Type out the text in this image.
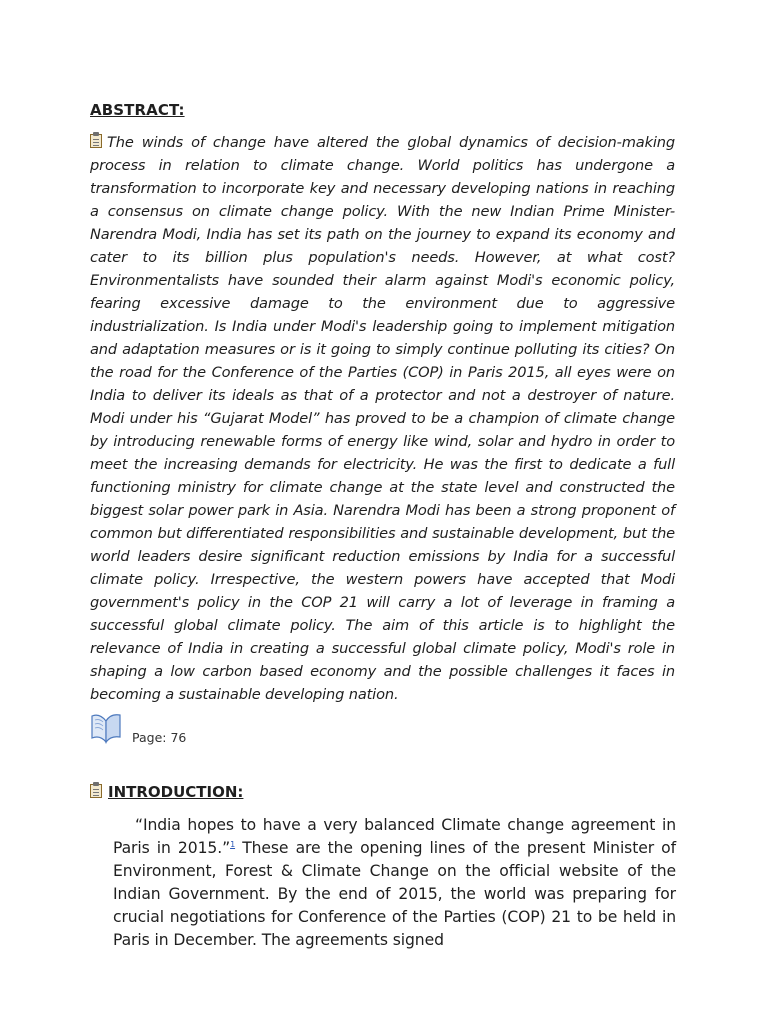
ABSTRACT:
The winds of change have altered the global dynamics of decision-making process in relation to climate change. World politics has undergone a transformation to incorporate key and necessary developing nations in reaching a consensus on climate change policy. With the new Indian Prime Minister-Narendra Modi, India has set its path on the journey to expand its economy and cater to its billion plus population's needs. However, at what cost? Environmentalists have sounded their alarm against Modi's economic policy, fearing excessive damage to the environment due to aggressive industrialization. Is India under Modi's leadership going to implement mitigation and adaptation measures or is it going to simply continue polluting its cities? On the road for the Conference of the Parties (COP) in Paris 2015, all eyes were on India to deliver its ideals as that of a protector and not a destroyer of nature. Modi under his “Gujarat Model” has proved to be a champion of climate change by introducing renewable forms of energy like wind, solar and hydro in order to meet the increasing demands for electricity. He was the first to dedicate a full functioning ministry for climate change at the state level and constructed the biggest solar power park in Asia. Narendra Modi has been a strong proponent of common but differentiated responsibilities and sustainable development, but the world leaders desire significant reduction emissions by India for a successful climate policy. Irrespective, the western powers have accepted that Modi government's policy in the COP 21 will carry a lot of leverage in framing a successful global climate policy. The aim of this article is to highlight the relevance of India in creating a successful global climate policy, Modi's role in shaping a low carbon based economy and the possible challenges it faces in becoming a sustainable developing nation.
Page: 76
INTRODUCTION:
“India hopes to have a very balanced Climate change agreement in Paris in 2015.”$^1$ These are the opening lines of the present Minister of Environment, Forest & Climate Change on the official website of the Indian Government. By the end of 2015, the world was preparing for crucial negotiations for Conference of the Parties (COP) 21 to be held in Paris in December. The agreements signed
